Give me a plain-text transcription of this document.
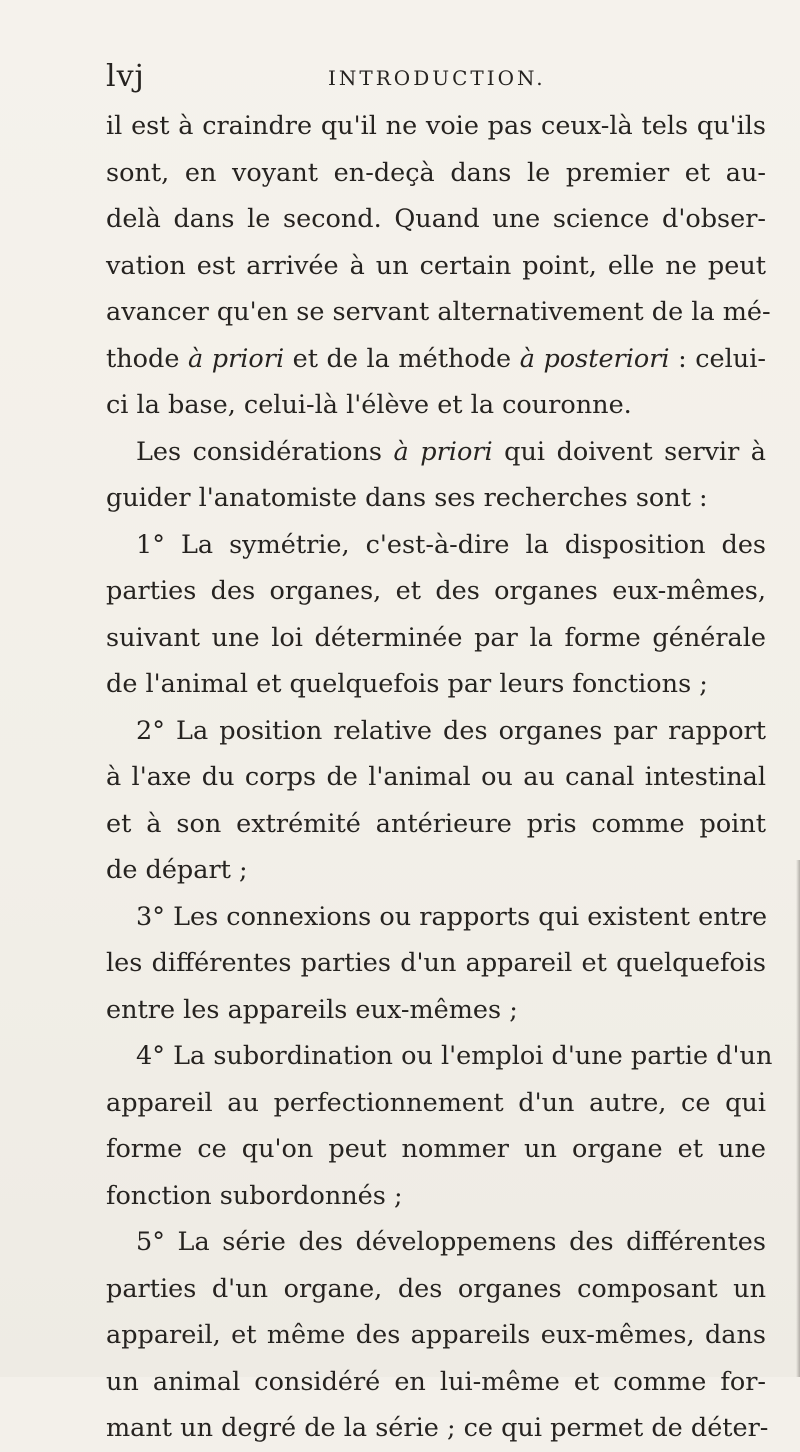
lvj	INTRODUCTION.
il est à craindre qu'il ne voie pas ceux-là tels qu'ils
sont, en voyant en-deçà dans le premier et au-
delà dans le second. Quand une science d'obser-
vation est arrivée à un certain point, elle ne peut
avancer qu'en se servant alternativement de la mé-
thode à priori et de la méthode à posteriori : celui-
ci la base, celui-là l'élève et la couronne.
Les considérations à priori qui doivent servir à
guider l'anatomiste dans ses recherches sont :
1° La symétrie, c'est-à-dire la disposition des
parties des organes, et des organes eux-mêmes,
suivant une loi déterminée par la forme générale
de l'animal et quelquefois par leurs fonctions ;
2° La position relative des organes par rapport
à l'axe du corps de l'animal ou au canal intestinal
et à son extrémité antérieure pris comme point
de départ ;
3° Les connexions ou rapports qui existent entre
les différentes parties d'un appareil et quelquefois
entre les appareils eux-mêmes ;
4° La subordination ou l'emploi d'une partie d'un
appareil au perfectionnement d'un autre, ce qui
forme ce qu'on peut nommer un organe et une
fonction subordonnés ;
5° La série des développemens des différentes
parties d'un organe, des organes composant un
appareil, et même des appareils eux-mêmes, dans
un animal considéré en lui-même et comme for-
mant un degré de la série ; ce qui permet de déter-
